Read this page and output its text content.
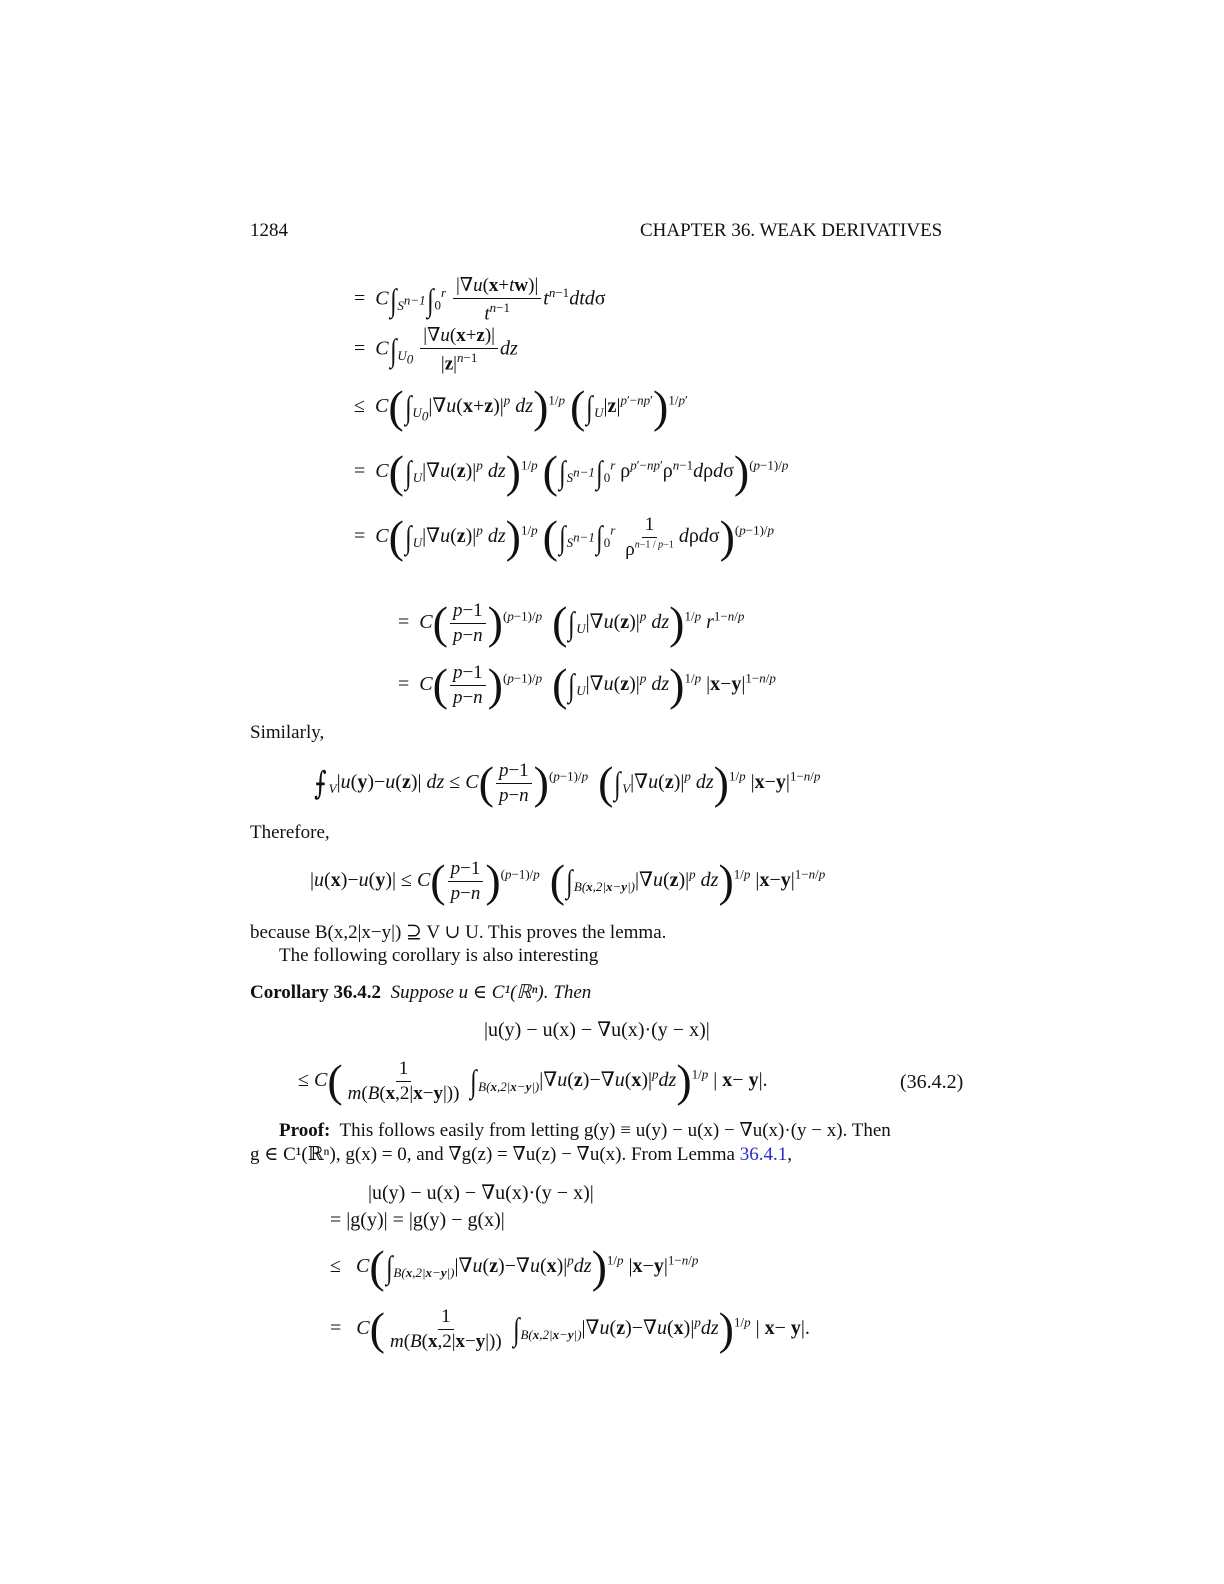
1284	CHAPTER 36. WEAK DERIVATIVES
= $C\int_{S^{n-1}}\int_0^r \frac{|\nabla u(x+tw)|}{t^{n-1}} t^{n-1}dtd\sigma$
= $C\int_{U_0} \frac{|\nabla u(x+z)|}{|z|^{n-1}}$ dz
≤ $C(\int_{U_0}|\nabla u(x+z)|^p$ dz)$^{1/p}$ $(\int_U|z|^{p'-np'})^{1/p'}$
= $C(\int_U|\nabla u(z)|^p$ dz)$^{1/p}$ ($\int_{S^{n-1}}\int_0^r$ $\rho^{p'-np'}\rho^{n-1}d\rho d\sigma)^{(p-1)/p}$
= $C(\int_U|\nabla u(z)|^p$ dz)$^{1/p}$ $(\int_{S^{n-1}}\int_0^r \frac{1}{\rho^{n-1 / p-1}} d\rho d\sigma)^{(p-1)/p}$
= $C( \frac{p-1}{p-n} )^{(p-1)/p}$ ($\int_U|\nabla u(z)|^p$ dz)$^{1/p}$ $r^{1-n/p}$
= $C( \frac{p-1}{p-n} )^{(p-1)/p}$ ($\int_U|\nabla u(z)|^p$ dz)$^{1/p}$ $|x-y|^{1-n/p}$
Similarly,
⨍ $_V$|u(y)−u(z)| dz ≤ $C( \frac{p-1}{p-n} )^{(p-1)/p}$ ($\int_V|\nabla u(z)|^p$ dz)$^{1/p}$ $|x-y|^{1-n/p}$
Therefore,
$|u(x)-u(y)| \le C( \frac{p-1}{p-n} )^{(p-1)/p}$ ($\int_{B(x,2|x-y|)}|\nabla u(z)|^p$ dz)$^{1/p}$ $|x-y|^{1-n/p}$
because B(x,2|x−y|) ⊇ V ∪ U. This proves the lemma.
The following corollary is also interesting
Corollary 36.4.2 Suppose u ∈ C¹(ℝⁿ). Then
|u(y) − u(x) − ∇u(x)·(y − x)|
≤ $C( \frac{1}{m(B(x,2|x-y|))} \int_{B(x,2|x-y|)}|\nabla u(z)-\nabla u(x)|^pdz)^{1/p}$ | x− y|.	(36.4.2)
Proof: This follows easily from letting g(y) ≡ u(y) − u(x) − ∇u(x)·(y − x). Then
g ∈ C¹(ℝⁿ), g(x) = 0, and ∇g(z) = ∇u(z) − ∇u(x). From Lemma 36.4.1,
|u(y) − u(x) − ∇u(x)·(y − x)|
= |g(y)| = |g(y) − g(x)|
≤   $C(\int_{B(x,2|x-y|)}|\nabla u(z)-\nabla u(x)|^pdz)^{1/p}$ $|x-y|^{1-n/p}$
=   $C( \frac{1}{m(B(x,2|x-y|))} \int_{B(x,2|x-y|)}|\nabla u(z)-\nabla u(x)|^pdz)^{1/p}$ | x− y|.
